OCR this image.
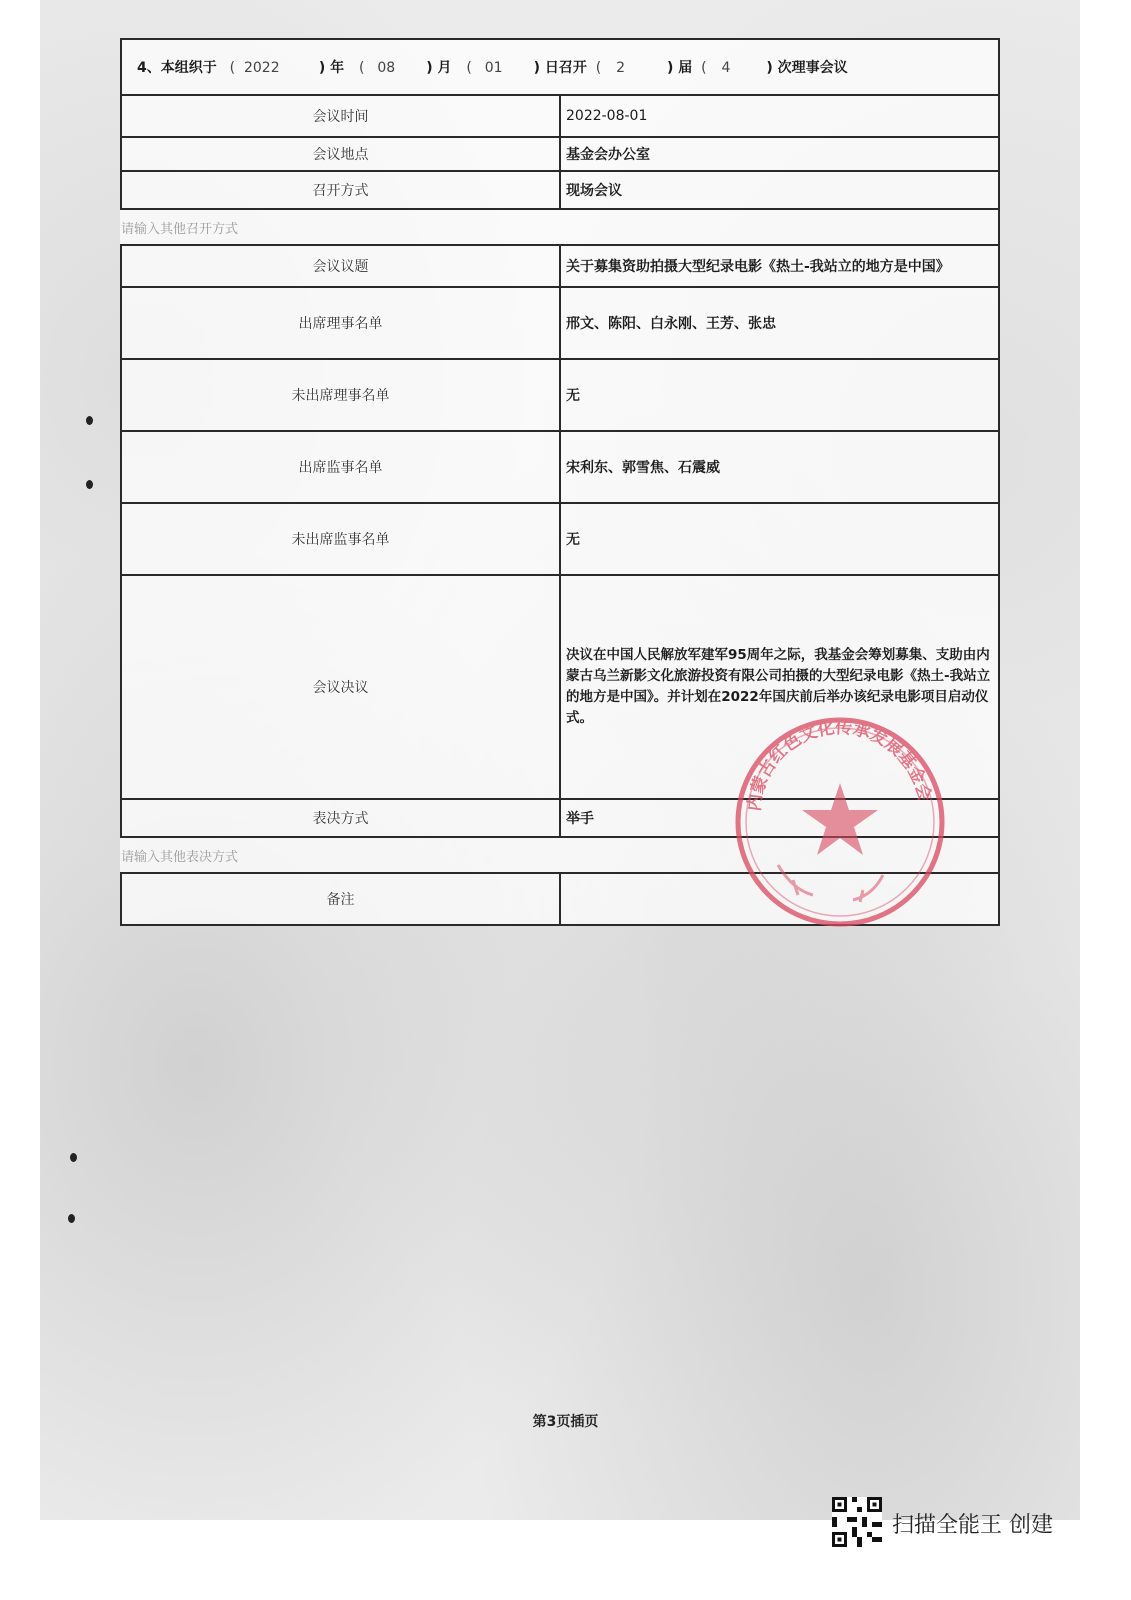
4、本组织于 ( 2022 ) 年 ( 08 ) 月 ( 01 ) 日召开 ( 2 ) 届 ( 4 ) 次理事会议	
会议时间	2022-08-01
会议地点	基金会办公室
召开方式	现场会议
请输入其他召开方式	
会议议题	关于募集资助拍摄大型纪录电影《热土-我站立的地方是中国》
出席理事名单	邢文、陈阳、白永刚、王芳、张忠
未出席理事名单	无
出席监事名单	宋利东、郭雪焦、石震威
未出席监事名单	无
会议决议	决议在中国人民解放军建军95周年之际，我基金会筹划募集、支助由内蒙古乌兰新影文化旅游投资有限公司拍摄的大型纪录电影《热土-我站立的地方是中国》。并计划在2022年国庆前后举办该纪录电影项目启动仪式。
表决方式	举手
请输入其他表决方式	
备注	
内蒙古红色文化传承发展基金会
第3页插页
扫描全能王 创建
